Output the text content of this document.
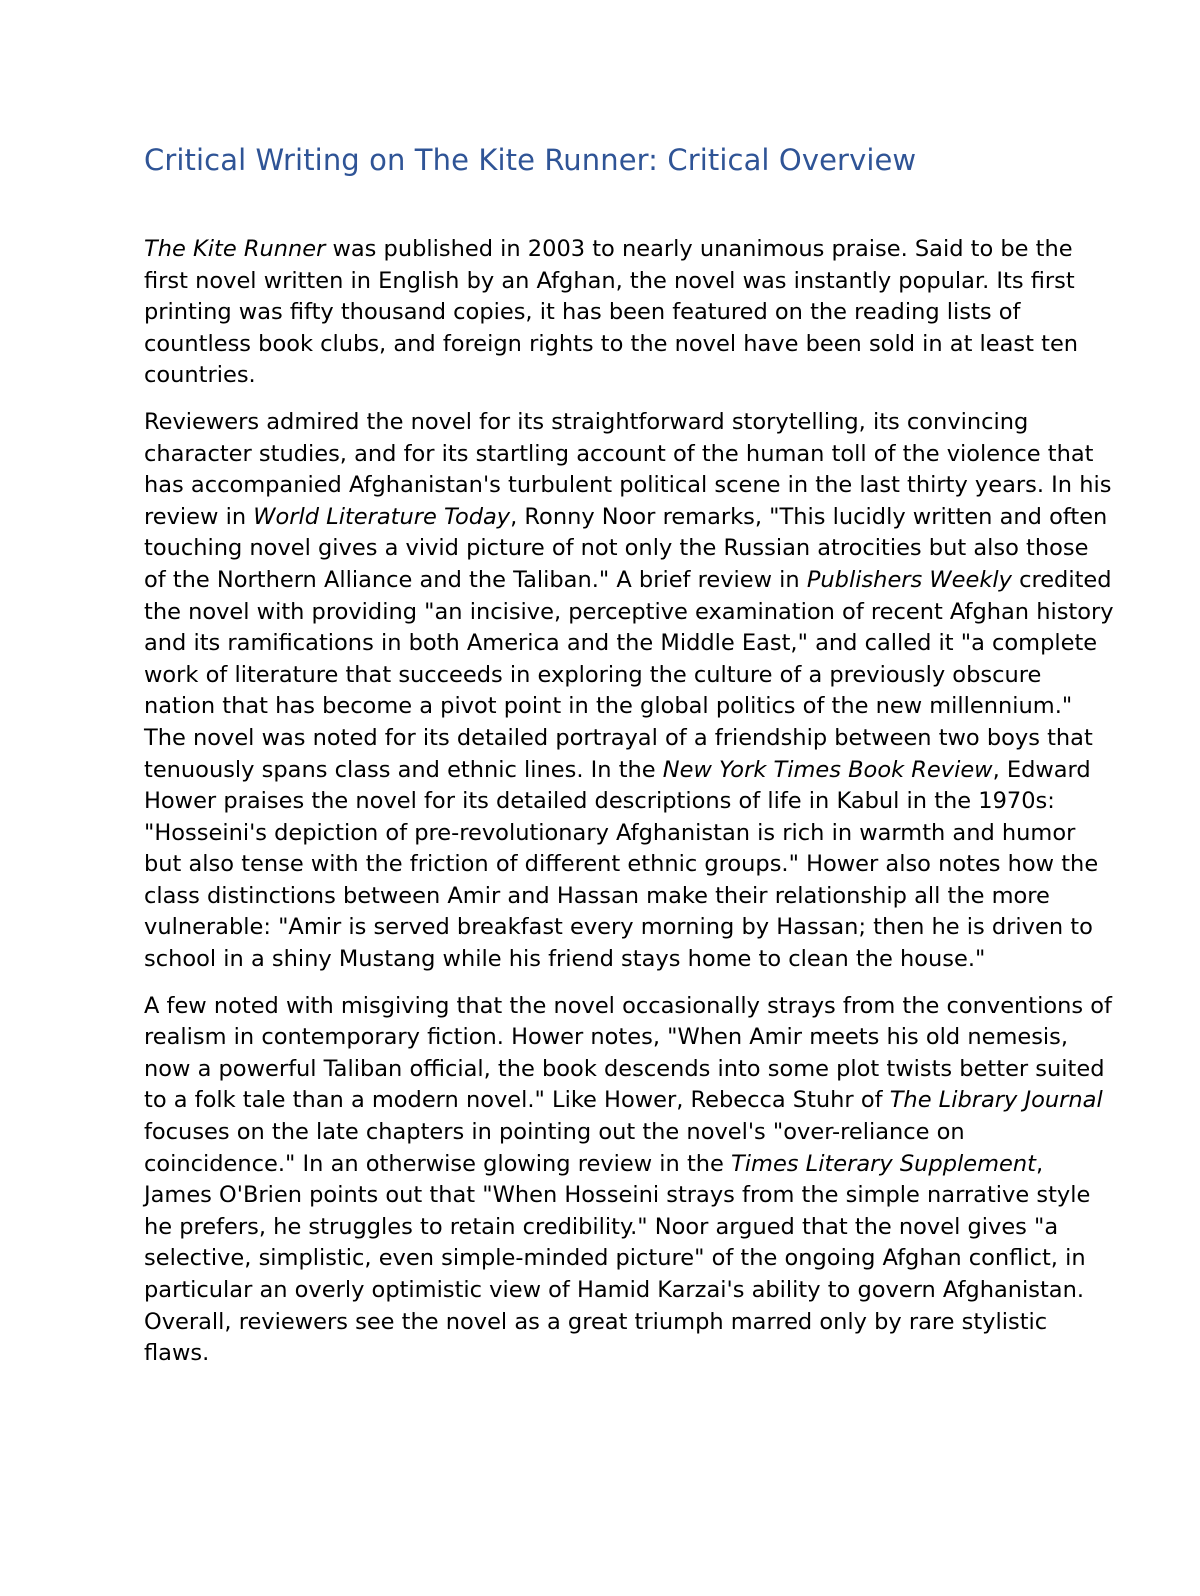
Critical Writing on The Kite Runner: Critical Overview

The Kite Runner was published in 2003 to nearly unanimous praise. Said to be the first novel written in English by an Afghan, the novel was instantly popular. Its first printing was fifty thousand copies, it has been featured on the reading lists of countless book clubs, and foreign rights to the novel have been sold in at least ten countries.

Reviewers admired the novel for its straightforward storytelling, its convincing character studies, and for its startling account of the human toll of the violence that has accompanied Afghanistan's turbulent political scene in the last thirty years. In his review in World Literature Today, Ronny Noor remarks, "This lucidly written and often touching novel gives a vivid picture of not only the Russian atrocities but also those of the Northern Alliance and the Taliban." A brief review in Publishers Weekly credited the novel with providing "an incisive, perceptive examination of recent Afghan history and its ramifications in both America and the Middle East," and called it "a complete work of literature that succeeds in exploring the culture of a previously obscure nation that has become a pivot point in the global politics of the new millennium." The novel was noted for its detailed portrayal of a friendship between two boys that tenuously spans class and ethnic lines. In the New York Times Book Review, Edward Hower praises the novel for its detailed descriptions of life in Kabul in the 1970s: "Hosseini's depiction of pre-revolutionary Afghanistan is rich in warmth and humor but also tense with the friction of different ethnic groups." Hower also notes how the class distinctions between Amir and Hassan make their relationship all the more vulnerable: "Amir is served breakfast every morning by Hassan; then he is driven to school in a shiny Mustang while his friend stays home to clean the house."

A few noted with misgiving that the novel occasionally strays from the conventions of realism in contemporary fiction. Hower notes, "When Amir meets his old nemesis, now a powerful Taliban official, the book descends into some plot twists better suited to a folk tale than a modern novel." Like Hower, Rebecca Stuhr of The Library Journal focuses on the late chapters in pointing out the novel's "over-reliance on coincidence." In an otherwise glowing review in the Times Literary Supplement, James O'Brien points out that "When Hosseini strays from the simple narrative style he prefers, he struggles to retain credibility." Noor argued that the novel gives "a selective, simplistic, even simple-minded picture" of the ongoing Afghan conflict, in particular an overly optimistic view of Hamid Karzai's ability to govern Afghanistan. Overall, reviewers see the novel as a great triumph marred only by rare stylistic flaws.
